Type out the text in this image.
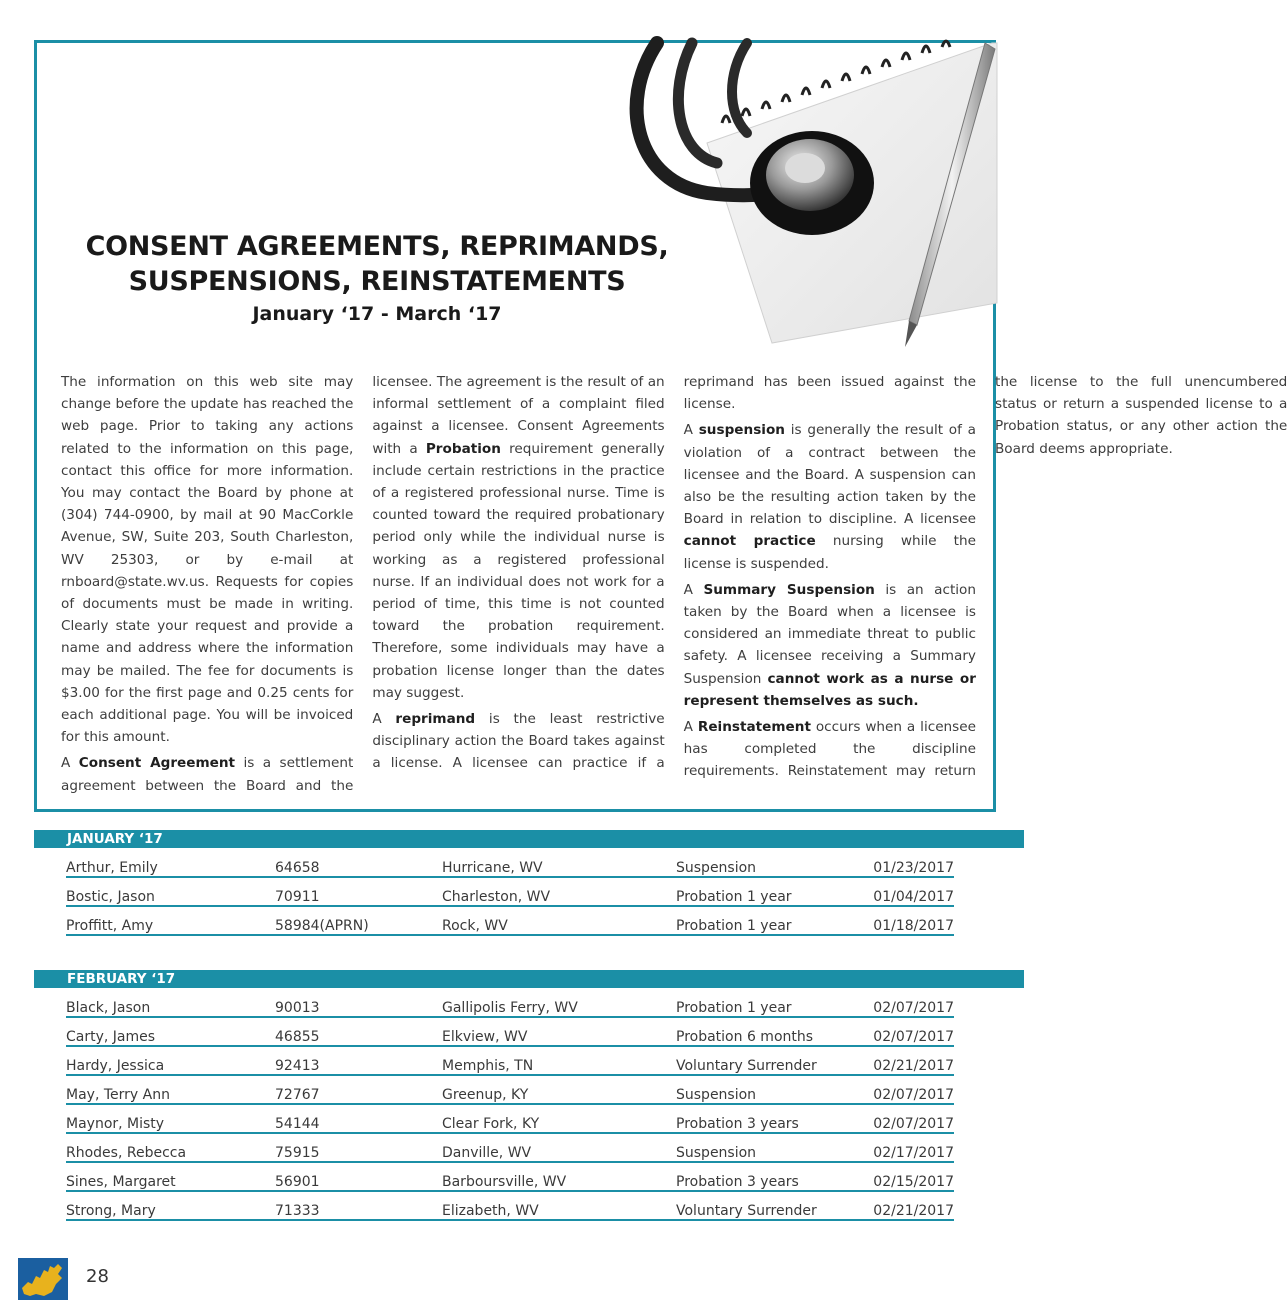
CONSENT AGREEMENTS, REPRIMANDS,
SUSPENSIONS, REINSTATEMENTS
January ‘17 - March ‘17

The information on this web site may change before the update has reached the web page. Prior to taking any actions related to the information on this page, contact this office for more information. You may contact the Board by phone at (304) 744-0900, by mail at 90 MacCorkle Avenue, SW, Suite 203, South Charleston, WV 25303, or by e-mail at rnboard@state.wv.us. Requests for copies of documents must be made in writing. Clearly state your request and provide a name and address where the information may be mailed. The fee for documents is $3.00 for the first page and 0.25 cents for each additional page. You will be invoiced for this amount.

A Consent Agreement is a settlement agreement between the Board and the licensee. The agreement is the result of an informal settlement of a complaint filed against a licensee. Consent Agreements with a Probation requirement generally include certain restrictions in the practice of a registered professional nurse. Time is counted toward the required probationary period only while the individual nurse is working as a registered professional nurse. If an individual does not work for a period of time, this time is not counted toward the probation requirement. Therefore, some individuals may have a probation license longer than the dates may suggest.

A reprimand is the least restrictive disciplinary action the Board takes against a license. A licensee can practice if a reprimand has been issued against the license.

A suspension is generally the result of a violation of a contract between the licensee and the Board. A suspension can also be the resulting action taken by the Board in relation to discipline. A licensee cannot practice nursing while the license is suspended.

A Summary Suspension is an action taken by the Board when a licensee is considered an immediate threat to public safety. A licensee receiving a Summary Suspension cannot work as a nurse or represent themselves as such.

A Reinstatement occurs when a licensee has completed the discipline requirements. Reinstatement may return the license to the full unencumbered status or return a suspended license to a Probation status, or any other action the Board deems appropriate.

JANUARY ‘17
Arthur, Emily	64658	Hurricane, WV	Suspension	01/23/2017
Bostic, Jason	70911	Charleston, WV	Probation 1 year	01/04/2017
Proffitt, Amy	58984(APRN)	Rock, WV	Probation 1 year	01/18/2017
FEBRUARY ‘17
Black, Jason	90013	Gallipolis Ferry, WV	Probation 1 year	02/07/2017
Carty, James	46855	Elkview, WV	Probation 6 months	02/07/2017
Hardy, Jessica	92413	Memphis, TN	Voluntary Surrender	02/21/2017
May, Terry Ann	72767	Greenup, KY	Suspension	02/07/2017
Maynor, Misty	54144	Clear Fork, KY	Probation 3 years	02/07/2017
Rhodes, Rebecca	75915	Danville, WV	Suspension	02/17/2017
Sines, Margaret	56901	Barboursville, WV	Probation 3 years	02/15/2017
Strong, Mary	71333	Elizabeth, WV	Voluntary Surrender	02/21/2017
28
